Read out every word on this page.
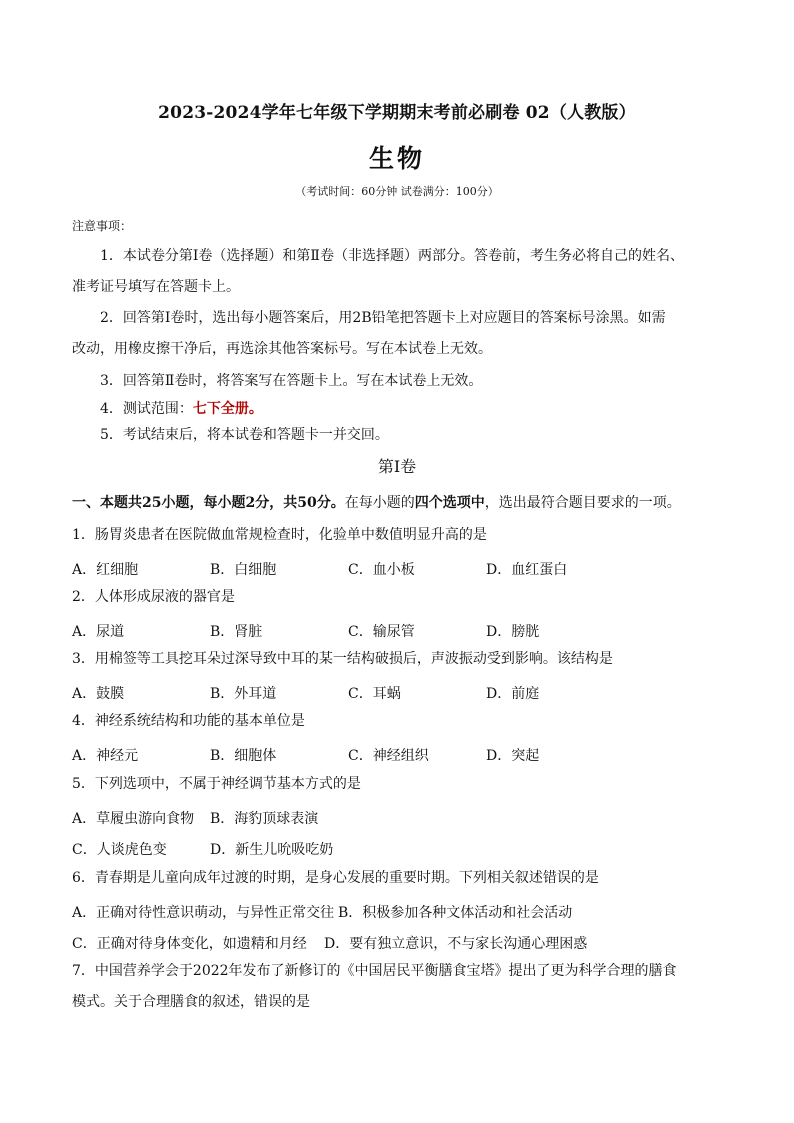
2023-2024学年七年级下学期期末考前必刷卷 02（人教版）
生物
（考试时间：60分钟 试卷满分：100分）
注意事项：
1．本试卷分第Ⅰ卷（选择题）和第Ⅱ卷（非选择题）两部分。答卷前，考生务必将自己的姓名、
准考证号填写在答题卡上。
2．回答第Ⅰ卷时，选出每小题答案后，用2B铅笔把答题卡上对应题目的答案标号涂黑。如需
改动，用橡皮擦干净后，再选涂其他答案标号。写在本试卷上无效。
3．回答第Ⅱ卷时，将答案写在答题卡上。写在本试卷上无效。
4．测试范围：七下全册。
5．考试结束后，将本试卷和答题卡一并交回。
第Ⅰ卷
一、本题共25小题，每小题2分，共50分。在每小题的四个选项中，选出最符合题目要求的一项。
1．肠胃炎患者在医院做血常规检查时，化验单中数值明显升高的是
A．红细胞	B．白细胞	C．血小板	D．血红蛋白
2．人体形成尿液的器官是
A．尿道	B．肾脏	C．输尿管	D．膀胱
3．用棉签等工具挖耳朵过深导致中耳的某一结构破损后，声波振动受到影响。该结构是
A．鼓膜	B．外耳道	C．耳蜗	D．前庭
4．神经系统结构和功能的基本单位是
A．神经元	B．细胞体	C．神经组织	D．突起
5．下列选项中，不属于神经调节基本方式的是
A．草履虫游向食物 B．海豹顶球表演
C．人谈虎色变	D．新生儿吮吸吃奶
6．青春期是儿童向成年过渡的时期，是身心发展的重要时期。下列相关叙述错误的是
A．正确对待性意识萌动，与异性正常交往 B．积极参加各种文体活动和社会活动
C．正确对待身体变化，如遗精和月经 D．要有独立意识，不与家长沟通心理困惑
7．中国营养学会于2022年发布了新修订的《中国居民平衡膳食宝塔》提出了更为科学合理的膳食
模式。关于合理膳食的叙述，错误的是
